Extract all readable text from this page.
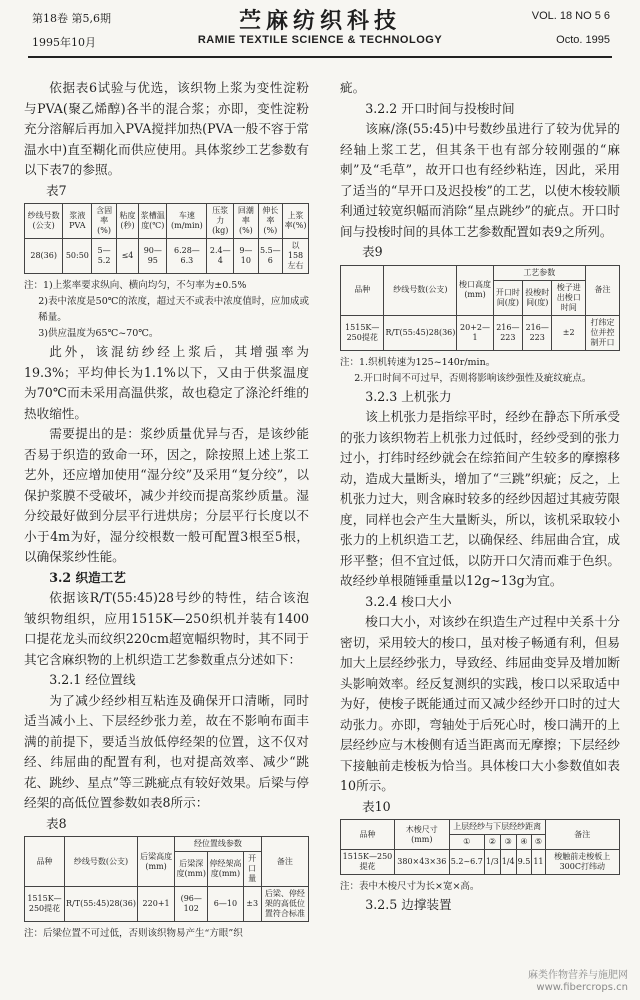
第18卷 第5,6期
1995年10月
苎麻纺织科技
RAMIE TEXTILE SCIENCE & TECHNOLOGY
VOL. 18 NO 5 6
Octo. 1995

依据表6试验与优选，该织物上浆为变性淀粉与PVA(聚乙烯醇)各半的混合浆；亦即，变性淀粉充分溶解后再加入PVA搅拌加热(PVA一般不容于常温水中)直至糊化而供应使用。具体浆纱工艺参数有以下表7的参照。

表7

纱线号数(公支)	浆液PVA	含固率(%)	粘度(秒)	浆槽温度(℃)	车速(m/min)	压浆力(kg)	回潮率(%)	伸长率(%)	上浆率(%)
28(36)	50:50	5—5.2	≤4	90—95	6.28—6.3	2.4—4	9—10	5.5—6	以158左右

注：1)上浆率要求纵向、横向均匀，不匀率为±0.5%

2)表中浓度是50℃的浓度，超过天不或表中浓度值时，应加成或稀量。

3)供应温度为65℃~70℃。

此外，该混纺纱经上浆后，其增强率为19.3%；平均伸长为1.1%以下，又由于供浆温度为70℃而未采用高温供浆，故也稳定了涤沦纤维的热收缩性。

需要提出的是：浆纱质量优异与否，是该纱能否易于织造的致命一环，因之，除按照上述上浆工艺外，还应增加使用“湿分绞”及采用“复分绞”，以保护浆膜不受破坏，减少并绞而提高浆纱质量。湿分绞最好做到分层平行进烘房；分层平行长度以不小于4m为好，湿分绞根数一般可配置3根至5根，以确保浆纱性能。

3.2 织造工艺

依据该R/T(55:45)28号纱的特性，结合该泡皱织物组织，应用1515K—250织机并装有1400口提花龙头而纹织220cm超宽幅织物时，其不同于其它含麻织物的上机织造工艺参数重点分述如下：

3.2.1 经位置线

为了减少经纱相互粘连及确保开口清晰，同时适当减小上、下层经纱张力差，故在不影响布面丰满的前提下，要适当放低停经架的位置，这不仅对经、纬屈曲的配置有利，也对提高效率、减少“跳花、跳纱、星点”等三跳疵点有较好效果。后梁与停经架的高低位置参数如表8所示：

表8

品种	纱线号数(公支)	后梁高度(mm)	经位置线参数			备注
			后梁深度(mm)	停经架高度(mm)	开口量	
1515K—250提花	R/T(55:45)28(36)	220+1	(96—102	6—10	±3	后梁、停经架的高低位置符合标准

注：后梁位置不可过低，否则该织物易产生“方眼”织

疵。

3.2.2 开口时间与投梭时间

该麻/涤(55:45)中号数纱虽进行了较为优异的经轴上浆工艺，但其条干也有部分较刚强的“麻刺”及“毛草”，故开口也有经纱粘连，因此，采用了适当的“早开口及迟投梭”的工艺，以使木梭较顺利通过较宽织幅而消除“星点跳纱”的疵点。开口时间与投梭时间的具体工艺参数配置如表9之所列。

表9

品种	纱线号数(公支)	梭口高度(mm)	工艺参数			备注
			开口时间(度)	投梭时间(度)	梭子进出梭口时间	
1515K—250提花	R/T(55:45)28(36)	20+2—1	216—223	216—223	±2	打纬定位并控制开口

注：1.织机转速为125~140r/min。

2.开口时间不可过早，否则将影响该纱强性及疵纹疵点。

3.2.3 上机张力

该上机张力是指综平时，经纱在静态下所承受的张力该织物若上机张力过低时，经纱受到的张力过小，打纬时经纱就会在综筘间产生较多的摩擦移动，造成大量断头，增加了“三跳”织疵；反之，上机张力过大，则含麻时较多的经纱因超过其疲劳限度，同样也会产生大量断头，所以，该机采取较小张力的上机织造工艺，以确保经、纬屈曲合宜，成形平整；但不宜过低，以防开口欠清而难于色织。故经纱单根随锤重量以12g~13g为宜。

3.2.4 梭口大小

梭口大小，对该纱在织造生产过程中关系十分密切，采用较大的梭口，虽对梭子畅通有利，但易加大上层经纱张力，导致经、纬屈曲变异及增加断头影响效率。经反复测织的实践，梭口以采取适中为好，使梭子既能通过而又减少经纱开口时的过大动张力。亦即，弯轴处于后死心时，梭口满开的上层经纱应与木梭侧有适当距离而无摩擦；下层经纱下接触前走梭板为恰当。具体梭口大小参数值如表10所示。

表10

品种	木梭尺寸(mm)	上层经纱与下层经纱距离					备注
		①	②	③	④	⑤	
1515K—250提花	380×43×36	5.2~6.7	1/3	1/4	9.5	11	梭触前走梭板上300C打纬动

注：表中木梭尺寸为长×宽×高。

3.2.5 边撑装置

麻类作物营养与施肥网
www.fibercrops.cn
